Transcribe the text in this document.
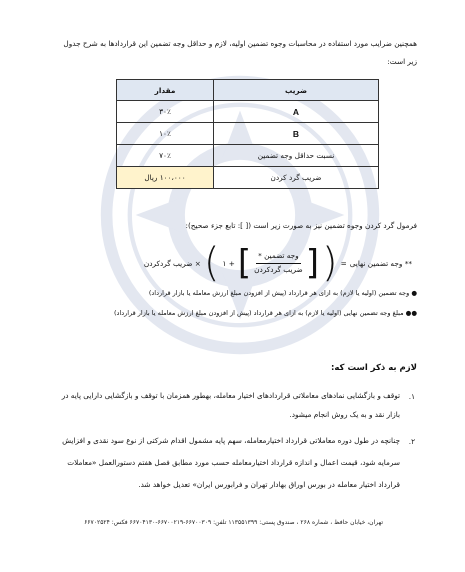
همچنین ضرایب مورد استفاده در محاسبات وجوه تضمین اولیه، لازم و حداقل وجه تضمین این قراردادها به شرح جدول
زیر است:
ضریب	مقدار
A	۳۰٪
B	۱۰٪
نسبت حداقل وجه تضمین	۷۰٪
ضریب گرد کردن	۱۰۰،۰۰۰ ریال
فرمول گرد کردن وجوه تضمین نیز به صورت زیر است ([ ]: تابع جزء صحیح):
** وجه تضمین نهایی
=
(
[
$\frac{\text{وجه تضمین *}}{\text{ضریب گردکردن}}$
]
+ ۱
)
× ضریب گردکردن
● وجه تضمین (اولیه یا لازم) به ازای هر قرارداد (پیش از افزودن مبلغ ارزش معامله یا بازار قرارداد)
●● مبلغ وجه تضمین نهایی (اولیه یا لازم) به ازای هر قرارداد (پیش از افزودن مبلغ ارزش معامله یا بازار قرارداد)
لازم به ذکر است که:
۱.
توقف و بازگشایی نمادهای معاملاتی قراردادهای اختیار معامله، بهطور همزمان با توقف و بازگشایی دارایی پایه در
بازار نقد و به یک روش انجام میشود.
۲.
چنانچه در طول دوره معاملاتی قرارداد اختیارمعامله، سهم پایه مشمول اقدام شرکتی از نوع سود نقدی و افزایش
سرمایه شود، قیمت اعمال و اندازه قرارداد اختیارمعامله حسب مورد مطابق فصل هفتم دستورالعمل «معاملات
قرارداد اختیار معامله در بورس اوراق بهادار تهران و فرابورس ایران» تعدیل خواهد شد.
تهران، خیابان حافظ ، شماره ۲۶۸ ، صندوق پستی: ۱۱۳۵۵۱۳۹۹ تلفن: ۶۶۷۰۰۳۰۹-۶۶۷۰۰۲۱۹-۶۶۷۰۴۱۳۰ فکس: ۶۶۷۰۲۵۲۴
